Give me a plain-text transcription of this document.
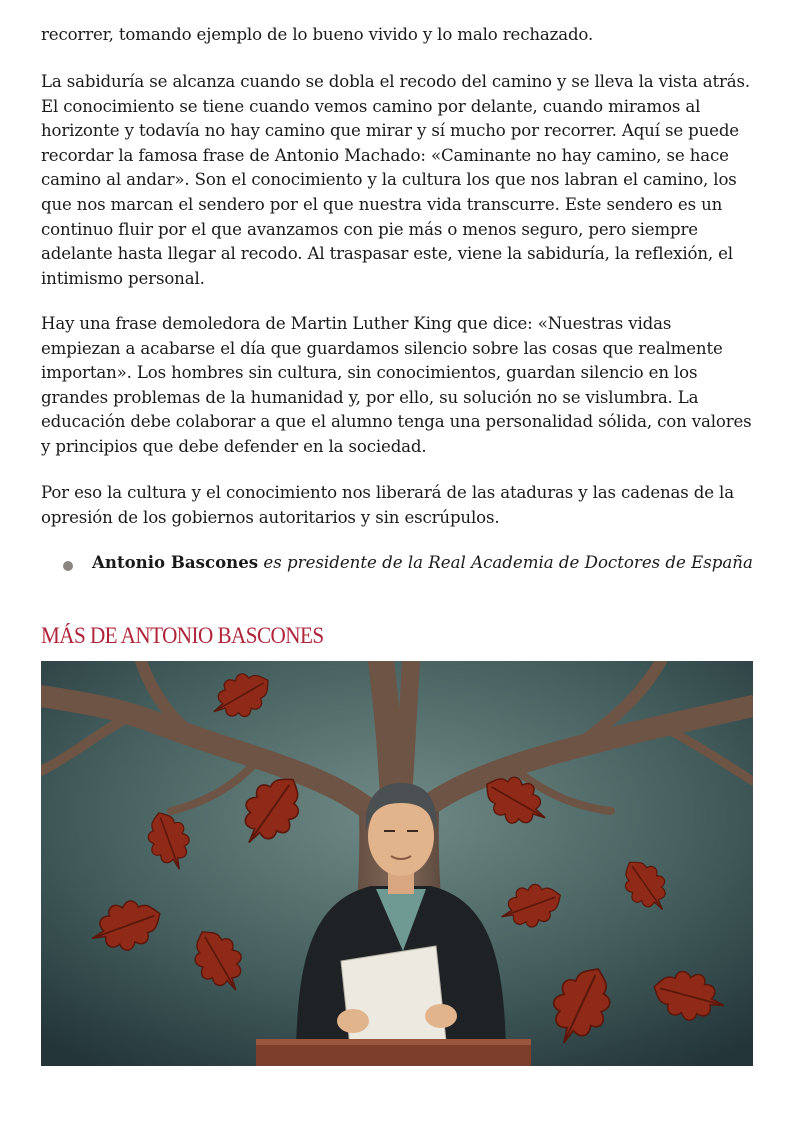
recorrer, tomando ejemplo de lo bueno vivido y lo malo rechazado.

La sabiduría se alcanza cuando se dobla el recodo del camino y se lleva la vista atrás. El conocimiento se tiene cuando vemos camino por delante, cuando miramos al horizonte y todavía no hay camino que mirar y sí mucho por recorrer. Aquí se puede recordar la famosa frase de Antonio Machado: «Caminante no hay camino, se hace camino al andar». Son el conocimiento y la cultura los que nos labran el camino, los que nos marcan el sendero por el que nuestra vida transcurre. Este sendero es un continuo fluir por el que avanzamos con pie más o menos seguro, pero siempre adelante hasta llegar al recodo. Al traspasar este, viene la sabiduría, la reflexión, el intimismo personal.

Hay una frase demoledora de Martin Luther King que dice: «Nuestras vidas empiezan a acabarse el día que guardamos silencio sobre las cosas que realmente importan». Los hombres sin cultura, sin conocimientos, guardan silencio en los grandes problemas de la humanidad y, por ello, su solución no se vislumbra. La educación debe colaborar a que el alumno tenga una personalidad sólida, con valores y principios que debe defender en la sociedad.

Por eso la cultura y el conocimiento nos liberará de las ataduras y las cadenas de la opresión de los gobiernos autoritarios y sin escrúpulos.

Antonio Bascones es presidente de la Real Academia de Doctores de España
MÁS DE ANTONIO BASCONES
